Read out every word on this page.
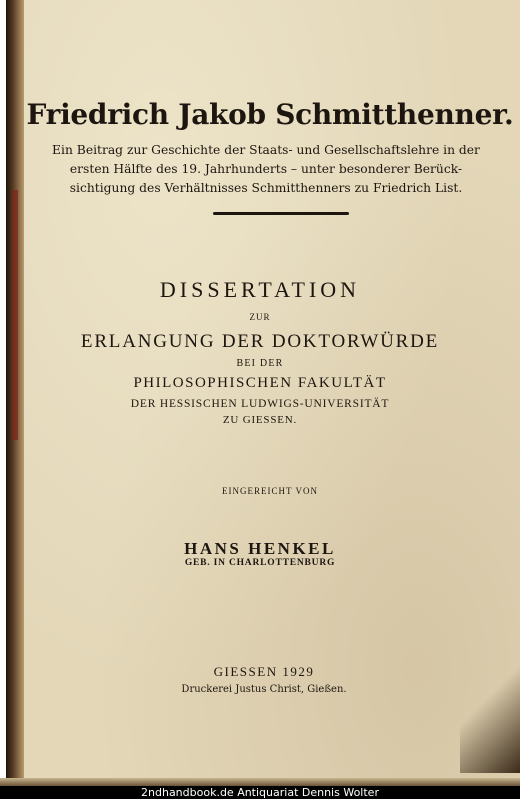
Friedrich Jakob Schmitthenner.
Ein Beitrag zur Geschichte der Staats- und Gesellschaftslehre in der
ersten Hälfte des 19. Jahrhunderts – unter besonderer Berück-
sichtigung des Verhältnisses Schmitthenners zu Friedrich List.
DISSERTATION
ZUR
ERLANGUNG DER DOKTORWÜRDE
BEI DER
PHILOSOPHISCHEN FAKULTÄT
DER HESSISCHEN LUDWIGS-UNIVERSITÄT
ZU GIESSEN.
EINGEREICHT VON
HANS HENKEL
GEB. IN CHARLOTTENBURG
GIESSEN 1929
Druckerei Justus Christ, Gießen.
2ndhandbook.de Antiquariat Dennis Wolter
